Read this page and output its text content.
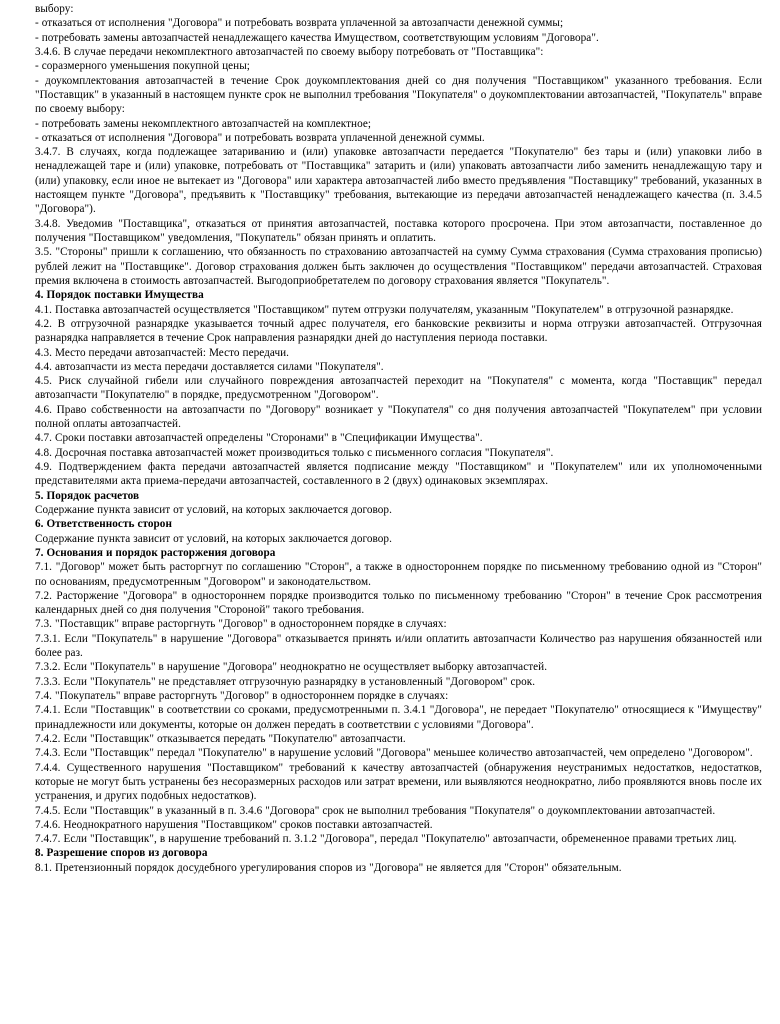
выбору:

- отказаться от исполнения "Договора" и потребовать возврата уплаченной за автозапчасти денежной суммы;

- потребовать замены автозапчастей ненадлежащего качества Имуществом, соответствующим условиям "Договора".

3.4.6. В случае передачи некомплектного автозапчастей по своему выбору потребовать от "Поставщика":

- соразмерного уменьшения покупной цены;

- доукомплектования автозапчастей в течение Срок доукомплектования дней со дня получения "Поставщиком" указанного требования. Если "Поставщик" в указанный в настоящем пункте срок не выполнил требования "Покупателя" о доукомплектовании автозапчастей, "Покупатель" вправе по своему выбору:

- потребовать замены некомплектного автозапчастей на комплектное;

- отказаться от исполнения "Договора" и потребовать возврата уплаченной денежной суммы.

3.4.7. В случаях, когда подлежащее затариванию и (или) упаковке автозапчасти передается "Покупателю" без тары и (или) упаковки либо в ненадлежащей таре и (или) упаковке, потребовать от "Поставщика" затарить и (или) упаковать автозапчасти либо заменить ненадлежащую тару и (или) упаковку, если иное не вытекает из "Договора" или характера автозапчастей либо вместо предъявления "Поставщику" требований, указанных в настоящем пункте "Договора", предъявить к "Поставщику" требования, вытекающие из передачи автозапчастей ненадлежащего качества (п. 3.4.5 "Договора").

3.4.8. Уведомив "Поставщика", отказаться от принятия автозапчастей, поставка которого просрочена. При этом автозапчасти, поставленное до получения "Поставщиком" уведомления, "Покупатель" обязан принять и оплатить.

3.5. "Стороны" пришли к соглашению, что обязанность по страхованию автозапчастей на сумму Сумма страхования (Сумма страхования прописью) рублей лежит на "Поставщике". Договор страхования должен быть заключен до осуществления "Поставщиком" передачи автозапчастей. Страховая премия включена в стоимость автозапчастей. Выгодоприобретателем по договору страхования является "Покупатель".

4. Порядок поставки Имущества

4.1. Поставка автозапчастей осуществляется "Поставщиком" путем отгрузки получателям, указанным "Покупателем" в отгрузочной разнарядке.

4.2. В отгрузочной разнарядке указывается точный адрес получателя, его банковские реквизиты и норма отгрузки автозапчастей. Отгрузочная разнарядка направляется в течение Срок направления разнарядки дней до наступления периода поставки.

4.3. Место передачи автозапчастей: Место передачи.

4.4. автозапчасти из места передачи доставляется силами "Покупателя".

4.5. Риск случайной гибели или случайного повреждения автозапчастей переходит на "Покупателя" с момента, когда "Поставщик" передал автозапчасти "Покупателю" в порядке, предусмотренном "Договором".

4.6. Право собственности на автозапчасти по "Договору" возникает у "Покупателя" со дня получения автозапчастей "Покупателем" при условии полной оплаты автозапчастей.

4.7. Сроки поставки автозапчастей определены "Сторонами" в "Спецификации Имущества".

4.8. Досрочная поставка автозапчастей может производиться только с письменного согласия "Покупателя".

4.9. Подтверждением факта передачи автозапчастей является подписание между "Поставщиком" и "Покупателем" или их уполномоченными представителями акта приема-передачи автозапчастей, составленного в 2 (двух) одинаковых экземплярах.

5. Порядок расчетов

Содержание пункта зависит от условий, на которых заключается договор.

6. Ответственность сторон

Содержание пункта зависит от условий, на которых заключается договор.

7. Основания и порядок расторжения договора

7.1. "Договор" может быть расторгнут по соглашению "Сторон", а также в одностороннем порядке по письменному требованию одной из "Сторон" по основаниям, предусмотренным "Договором" и законодательством.

7.2. Расторжение "Договора" в одностороннем порядке производится только по письменному требованию "Сторон" в течение Срок рассмотрения календарных дней со дня получения "Стороной" такого требования.

7.3. "Поставщик" вправе расторгнуть "Договор" в одностороннем порядке в случаях:

7.3.1. Если "Покупатель" в нарушение "Договора" отказывается принять и/или оплатить автозапчасти Количество раз нарушения обязанностей или более раз.

7.3.2. Если "Покупатель" в нарушение "Договора" неоднократно не осуществляет выборку автозапчастей.

7.3.3. Если "Покупатель" не представляет отгрузочную разнарядку в установленный "Договором" срок.

7.4. "Покупатель" вправе расторгнуть "Договор" в одностороннем порядке в случаях:

7.4.1. Если "Поставщик" в соответствии со сроками, предусмотренными п. 3.4.1 "Договора", не передает "Покупателю" относящиеся к "Имуществу" принадлежности или документы, которые он должен передать в соответствии с условиями "Договора".

7.4.2. Если "Поставщик" отказывается передать "Покупателю" автозапчасти.

7.4.3. Если "Поставщик" передал "Покупателю" в нарушение условий "Договора" меньшее количество автозапчастей, чем определено "Договором".

7.4.4. Существенного нарушения "Поставщиком" требований к качеству автозапчастей (обнаружения неустранимых недостатков, недостатков, которые не могут быть устранены без несоразмерных расходов или затрат времени, или выявляются неоднократно, либо проявляются вновь после их устранения, и других подобных недостатков).

7.4.5. Если "Поставщик" в указанный в п. 3.4.6 "Договора" срок не выполнил требования "Покупателя" о доукомплектовании автозапчастей.

7.4.6. Неоднократного нарушения "Поставщиком" сроков поставки автозапчастей.

7.4.7. Если "Поставщик", в нарушение требований п. 3.1.2 "Договора", передал "Покупателю" автозапчасти, обремененное правами третьих лиц.

8. Разрешение споров из договора

8.1. Претензионный порядок досудебного урегулирования споров из "Договора" не является для "Сторон" обязательным.
